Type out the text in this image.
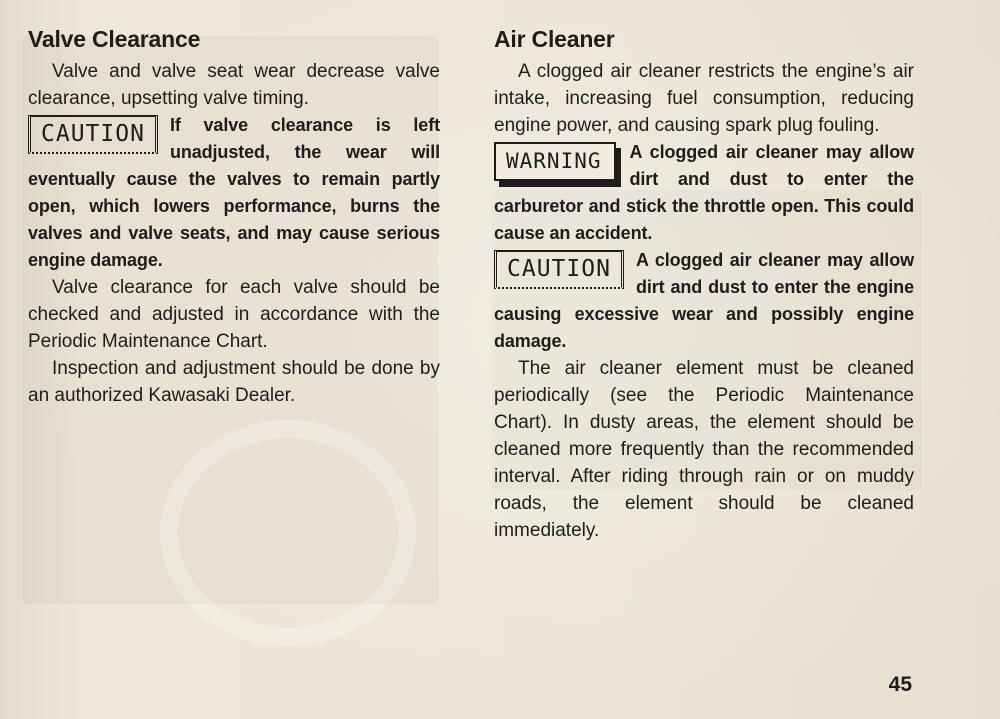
Valve Clearance

Valve and valve seat wear decrease valve clearance, upsetting valve timing.

CAUTION	If valve clearance is left unadjusted, the wear will eventually cause the valves to remain partly open, which lowers performance, burns the valves and valve seats, and may cause serious engine damage.

Valve clearance for each valve should be checked and adjusted in accordance with the Periodic Maintenance Chart.

Inspection and adjustment should be done by an authorized Kawasaki Dealer.

Air Cleaner

A clogged air cleaner restricts the engine’s air intake, increasing fuel consumption, reducing engine power, and causing spark plug fouling.

WARNING	A clogged air cleaner may allow dirt and dust to enter the carburetor and stick the throttle open. This could cause an accident.

CAUTION	A clogged air cleaner may allow dirt and dust to enter the engine causing excessive wear and possibly engine damage.

The air cleaner element must be cleaned periodically (see the Periodic Maintenance Chart). In dusty areas, the element should be cleaned more frequently than the recommended interval. After riding through rain or on muddy roads, the element should be cleaned immediately.

45
